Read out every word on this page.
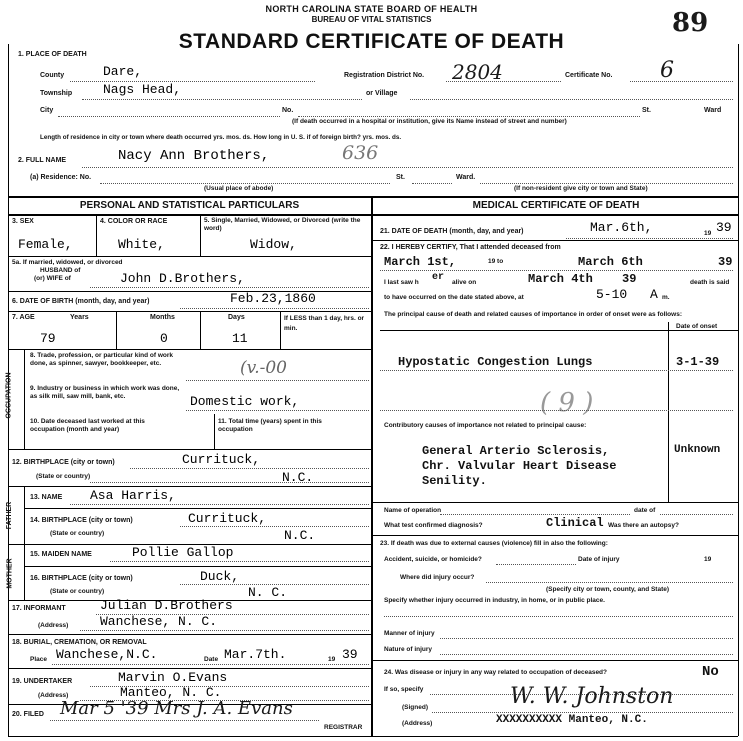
NORTH CAROLINA STATE BOARD OF HEALTH
BUREAU OF VITAL STATISTICS
STANDARD CERTIFICATE OF DEATH
89
1. PLACE OF DEATH
County	Dare,	Registration District No. 2804	Certificate No. 6
Township Nags Head,	or Village
City	No.	St.	Ward
(If death occurred in a hospital or institution, give its Name instead of street and number)
Length of residence in city or town where death occurred yrs. mos. ds. How long in U. S. if of foreign birth? yrs. mos. ds.
2. FULL NAME	Nacy Ann Brothers,	636
(a) Residence: No.	St.	Ward.
(Usual place of abode)	(If non-resident give city or town and State)
PERSONAL AND STATISTICAL PARTICULARS	MEDICAL CERTIFICATE OF DEATH
3. SEX	4. COLOR OR RACE	5. Single, Married, Widowed, or Divorced (write the word)
Female,	White,	Widow,
5a. If married, widowed, or divorced
HUSBAND of
(or) WIFE of	John D.Brothers,
6. DATE OF BIRTH (month, day, and year)	Feb.23,1860
7. AGE	Years	Months	Days	If LESS than 1 day, hrs. or min.
79	0	11
OCCUPATION
8. Trade, profession, or particular kind of work done, as spinner, sawyer, bookkeeper, etc.	(v.-00
9. Industry or business in which work was done, as silk mill, saw mill, bank, etc.	Domestic work,
10. Date deceased last worked at this occupation (month and year)
11. Total time (years) spent in this occupation
12. BIRTHPLACE (city or town)	Currituck,
(State or country)	N.C.
FATHER
13. NAME Asa Harris,
14. BIRTHPLACE (city or town)	Currituck,
(State or country)	N.C.
MOTHER
15. MAIDEN NAME	Pollie Gallop
16. BIRTHPLACE (city or town)	Duck,
(State or country)	N. C.
17. INFORMANT	Julian D.Brothers
(Address) Wanchese, N. C.
18. BURIAL, CREMATION, OR REMOVAL
Place Wanchese,N.C.	Date Mar.7th.	19 39
19. UNDERTAKER	Marvin O.Evans
(Address)	Manteo, N. C.
20. FILED Mar 5 '39 Mrs J. A. Evans
REGISTRAR
21. DATE OF DEATH (month, day, and year)	Mar.6th,	19 39
22. I HEREBY CERTIFY, That I attended deceased from
March 1st,	19 to	March 6th	39
I last saw h er alive on	March 4th 39	death is said
to have occurred on the date stated above, at	5-10 A m.
The principal cause of death and related causes of importance in order of onset were as follows:
Date of onset
Hypostatic Congestion Lungs	3-1-39
( 9 )
Contributory causes of importance not related to principal cause:
General Arterio Sclerosis,	Unknown
Chr. Valvular Heart Disease
Senility.
Name of operation	date of
What test confirmed diagnosis?	Clinical Was there an autopsy?
23. If death was due to external causes (violence) fill in also the following:
Accident, suicide, or homicide?	Date of injury	19
Where did injury occur?
(Specify city or town, county, and State)
Specify whether injury occurred in industry, in home, or in public place.
Manner of injury
Nature of injury
24. Was disease or injury in any way related to occupation of deceased?	No
If so, specify
(Signed)	W. W. Johnston
(Address)	XXXXXXXXXX Manteo, N.C.
